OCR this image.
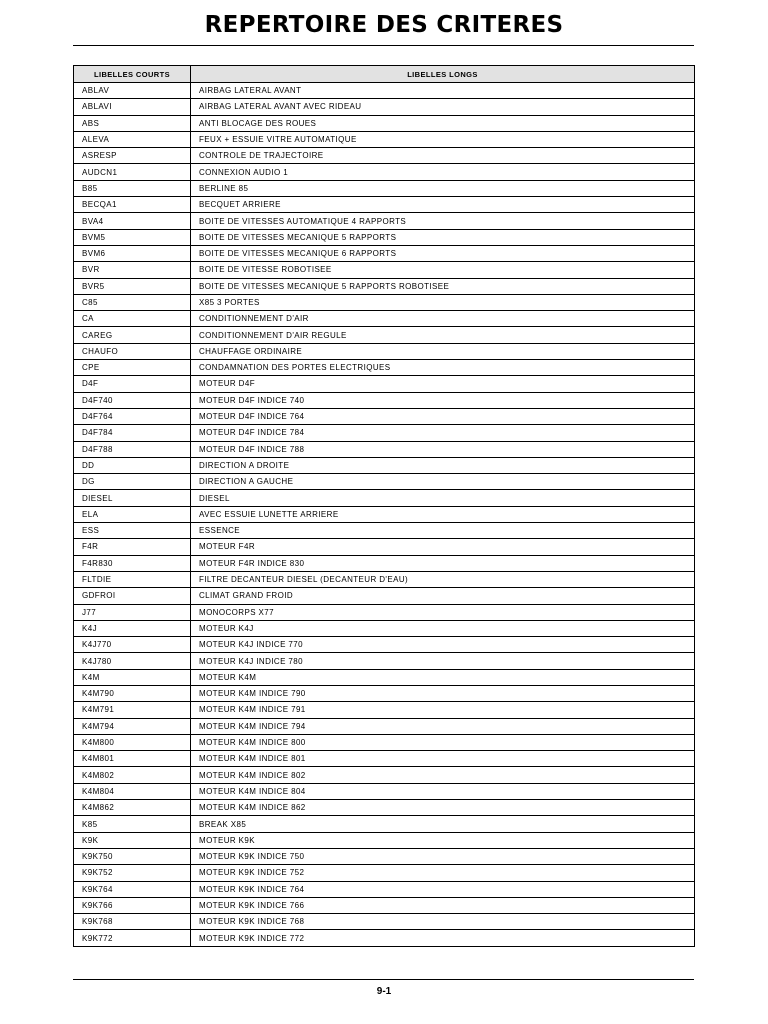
REPERTOIRE DES CRITERES
LIBELLES COURTS	LIBELLES LONGS
ABLAV	AIRBAG LATERAL AVANT
ABLAVI	AIRBAG LATERAL AVANT AVEC RIDEAU
ABS	ANTI BLOCAGE DES ROUES
ALEVA	FEUX + ESSUIE VITRE AUTOMATIQUE
ASRESP	CONTROLE DE TRAJECTOIRE
AUDCN1	CONNEXION AUDIO 1
B85	BERLINE 85
BECQA1	BECQUET ARRIERE
BVA4	BOITE DE VITESSES AUTOMATIQUE 4 RAPPORTS
BVM5	BOITE DE VITESSES MECANIQUE 5 RAPPORTS
BVM6	BOITE DE VITESSES MECANIQUE 6 RAPPORTS
BVR	BOITE DE VITESSE ROBOTISEE
BVR5	BOITE DE VITESSES MECANIQUE 5 RAPPORTS ROBOTISEE
C85	X85 3 PORTES
CA	CONDITIONNEMENT D'AIR
CAREG	CONDITIONNEMENT D'AIR REGULE
CHAUFO	CHAUFFAGE ORDINAIRE
CPE	CONDAMNATION DES PORTES ELECTRIQUES
D4F	MOTEUR D4F
D4F740	MOTEUR D4F INDICE 740
D4F764	MOTEUR D4F INDICE 764
D4F784	MOTEUR D4F INDICE 784
D4F788	MOTEUR D4F INDICE 788
DD	DIRECTION A DROITE
DG	DIRECTION A GAUCHE
DIESEL	DIESEL
ELA	AVEC ESSUIE LUNETTE ARRIERE
ESS	ESSENCE
F4R	MOTEUR F4R
F4R830	MOTEUR F4R INDICE 830
FLTDIE	FILTRE DECANTEUR DIESEL (DECANTEUR D'EAU)
GDFROI	CLIMAT GRAND FROID
J77	MONOCORPS X77
K4J	MOTEUR K4J
K4J770	MOTEUR K4J INDICE 770
K4J780	MOTEUR K4J INDICE 780
K4M	MOTEUR K4M
K4M790	MOTEUR K4M INDICE 790
K4M791	MOTEUR K4M INDICE 791
K4M794	MOTEUR K4M INDICE 794
K4M800	MOTEUR K4M INDICE 800
K4M801	MOTEUR K4M INDICE 801
K4M802	MOTEUR K4M INDICE 802
K4M804	MOTEUR K4M INDICE 804
K4M862	MOTEUR K4M INDICE 862
K85	BREAK X85
K9K	MOTEUR K9K
K9K750	MOTEUR K9K INDICE 750
K9K752	MOTEUR K9K INDICE 752
K9K764	MOTEUR K9K INDICE 764
K9K766	MOTEUR K9K INDICE 766
K9K768	MOTEUR K9K INDICE 768
K9K772	MOTEUR K9K INDICE 772
9-1
